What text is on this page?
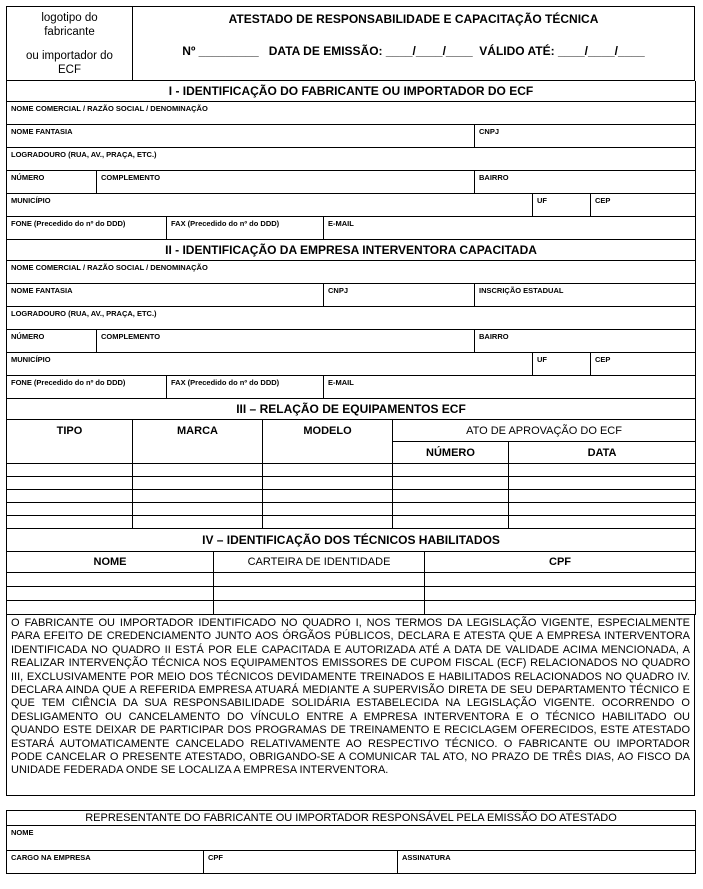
logotipo do
fabricante
ou importador do
ECF

ATESTADO DE RESPONSABILIDADE E CAPACITAÇÃO TÉCNICA
Nº _________ DATA DE EMISSÃO: ____/____/____ VÁLIDO ATÉ: ____/____/____
I - IDENTIFICAÇÃO DO FABRICANTE OU IMPORTADOR DO ECF						
NOME COMERCIAL / RAZÃO SOCIAL / DENOMINAÇÃO						
NOME FANTASIA				CNPJ		
LOGRADOURO (RUA, AV., PRAÇA, ETC.)						
NÚMERO	COMPLEMENTO			BAIRRO		
MUNICÍPIO					UF	CEP
FONE (Precedido do nº do DDD)		FAX (Precedido do nº do DDD)	E-MAIL			
II - IDENTIFICAÇÃO DA EMPRESA INTERVENTORA CAPACITADA						
NOME COMERCIAL / RAZÃO SOCIAL / DENOMINAÇÃO						
NOME FANTASIA			CNPJ	INSCRIÇÃO ESTADUAL		
LOGRADOURO (RUA, AV., PRAÇA, ETC.)						
NÚMERO	COMPLEMENTO			BAIRRO		
MUNICÍPIO					UF	CEP
FONE (Precedido do nº do DDD)		FAX (Precedido do nº do DDD)	E-MAIL			
III – RELAÇÃO DE EQUIPAMENTOS ECF				
TIPO	MARCA	MODELO	ATO DE APROVAÇÃO DO ECF	
			NÚMERO	DATA

IV – IDENTIFICAÇÃO DOS TÉCNICOS HABILITADOS		
NOME	CARTEIRA DE IDENTIDADE	CPF

O FABRICANTE OU IMPORTADOR IDENTIFICADO NO QUADRO I, NOS TERMOS DA LEGISLAÇÃO VIGENTE, ESPECIALMENTE PARA EFEITO DE CREDENCIAMENTO JUNTO AOS ÓRGÃOS PÚBLICOS, DECLARA E ATESTA QUE A EMPRESA INTERVENTORA IDENTIFICADA NO QUADRO II ESTÁ POR ELE CAPACITADA E AUTORIZADA ATÉ A DATA DE VALIDADE ACIMA MENCIONADA, A REALIZAR INTERVENÇÃO TÉCNICA NOS EQUIPAMENTOS EMISSORES DE CUPOM FISCAL (ECF) RELACIONADOS NO QUADRO III, EXCLUSIVAMENTE POR MEIO DOS TÉCNICOS DEVIDAMENTE TREINADOS E HABILITADOS RELACIONADOS NO QUADRO IV. DECLARA AINDA QUE A REFERIDA EMPRESA ATUARÁ MEDIANTE A SUPERVISÃO DIRETA DE SEU DEPARTAMENTO TÉCNICO E QUE TEM CIÊNCIA DA SUA RESPONSABILIDADE SOLIDÁRIA ESTABELECIDA NA LEGISLAÇÃO VIGENTE. OCORRENDO O DESLIGAMENTO OU CANCELAMENTO DO VÍNCULO ENTRE A EMPRESA INTERVENTORA E O TÉCNICO HABILITADO OU QUANDO ESTE DEIXAR DE PARTICIPAR DOS PROGRAMAS DE TREINAMENTO E RECICLAGEM OFERECIDOS, ESTE ATESTADO ESTARÁ AUTOMATICAMENTE CANCELADO RELATIVAMENTE AO RESPECTIVO TÉCNICO. O FABRICANTE OU IMPORTADOR PODE CANCELAR O PRESENTE ATESTADO, OBRIGANDO-SE A COMUNICAR TAL ATO, NO PRAZO DE TRÊS DIAS, AO FISCO DA UNIDADE FEDERADA ONDE SE LOCALIZA A EMPRESA INTERVENTORA.
REPRESENTANTE DO FABRICANTE OU IMPORTADOR RESPONSÁVEL PELA EMISSÃO DO ATESTADO
NOME
CARGO NA EMPRESA	CPF	ASSINATURA
